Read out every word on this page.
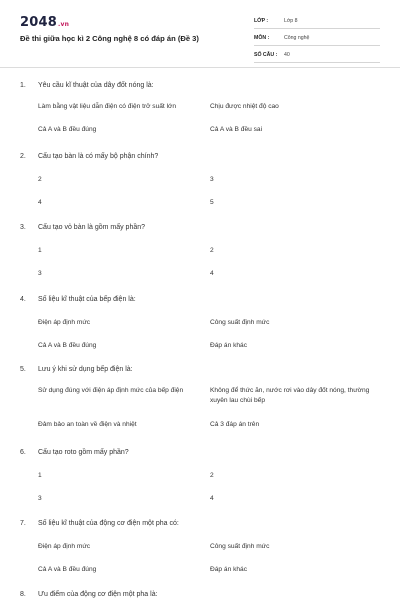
2048.vn
Đề thi giữa học kì 2 Công nghệ 8 có đáp án (Đề 3)
LỚP :	Lớp 8
MÔN :	Công nghệ
SỐ CÂU : 40
1. Yêu cầu kĩ thuật của dây đốt nóng là:
Làm bằng vật liệu dẫn điện có điện trở suất lớn	Chịu được nhiệt độ cao
Cả A và B đều đúng	Cả A và B đều sai
2. Cấu tạo bàn là có mấy bộ phận chính?
2	3
4	5
3. Cấu tạo vỏ bàn là gồm mấy phần?
1	2
3	4
4. Số liệu kĩ thuật của bếp điện là:
Điện áp định mức	Công suất định mức
Cả A và B đều đúng	Đáp án khác
5. Lưu ý khi sử dụng bếp điện là:
Sử dụng đúng với điện áp định mức của bếp điện	Không để thức ăn, nước rơi vào dây đốt nóng, thường xuyên lau chùi bếp
Đảm bảo an toàn về điện và nhiệt	Cả 3 đáp án trên
6. Cấu tạo roto gồm mấy phần?
1	2
3	4
7. Số liệu kĩ thuật của động cơ điện một pha có:
Điện áp định mức	Công suất định mức
Cả A và B đều đúng	Đáp án khác
8. Ưu điểm của động cơ điện một pha là:
